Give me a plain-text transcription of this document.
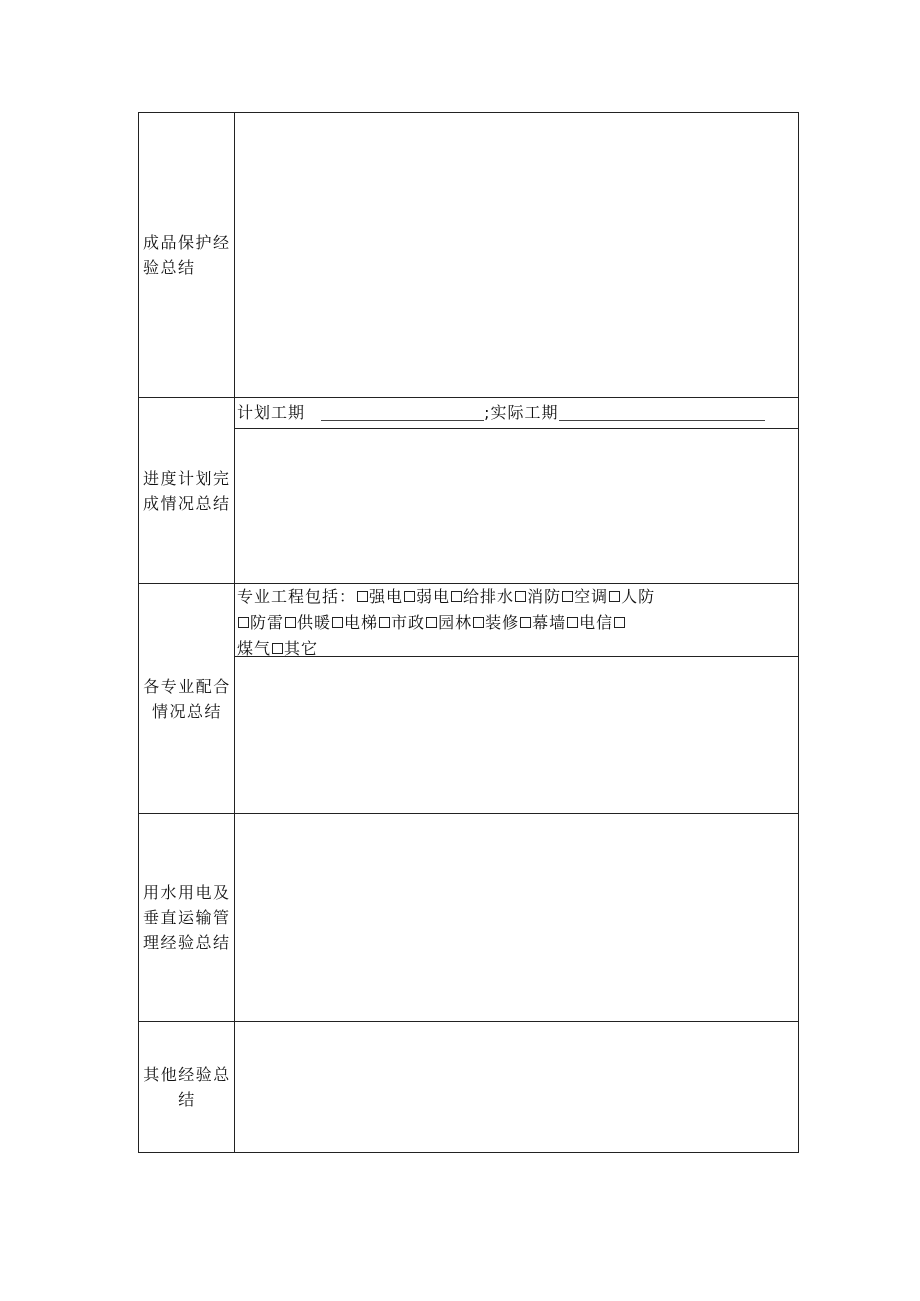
成品保护经验总结
进度计划完成情况总结
计划工期	;实际工期
各专业配合情况总结
专业工程包括： 强电 弱电 给排水 消防 空调 人防
防雷 供暖 电梯 市政 园林 装修 幕墙 电信
煤气 其它
用水用电及垂直运输管理经验总结
其他经验总结
